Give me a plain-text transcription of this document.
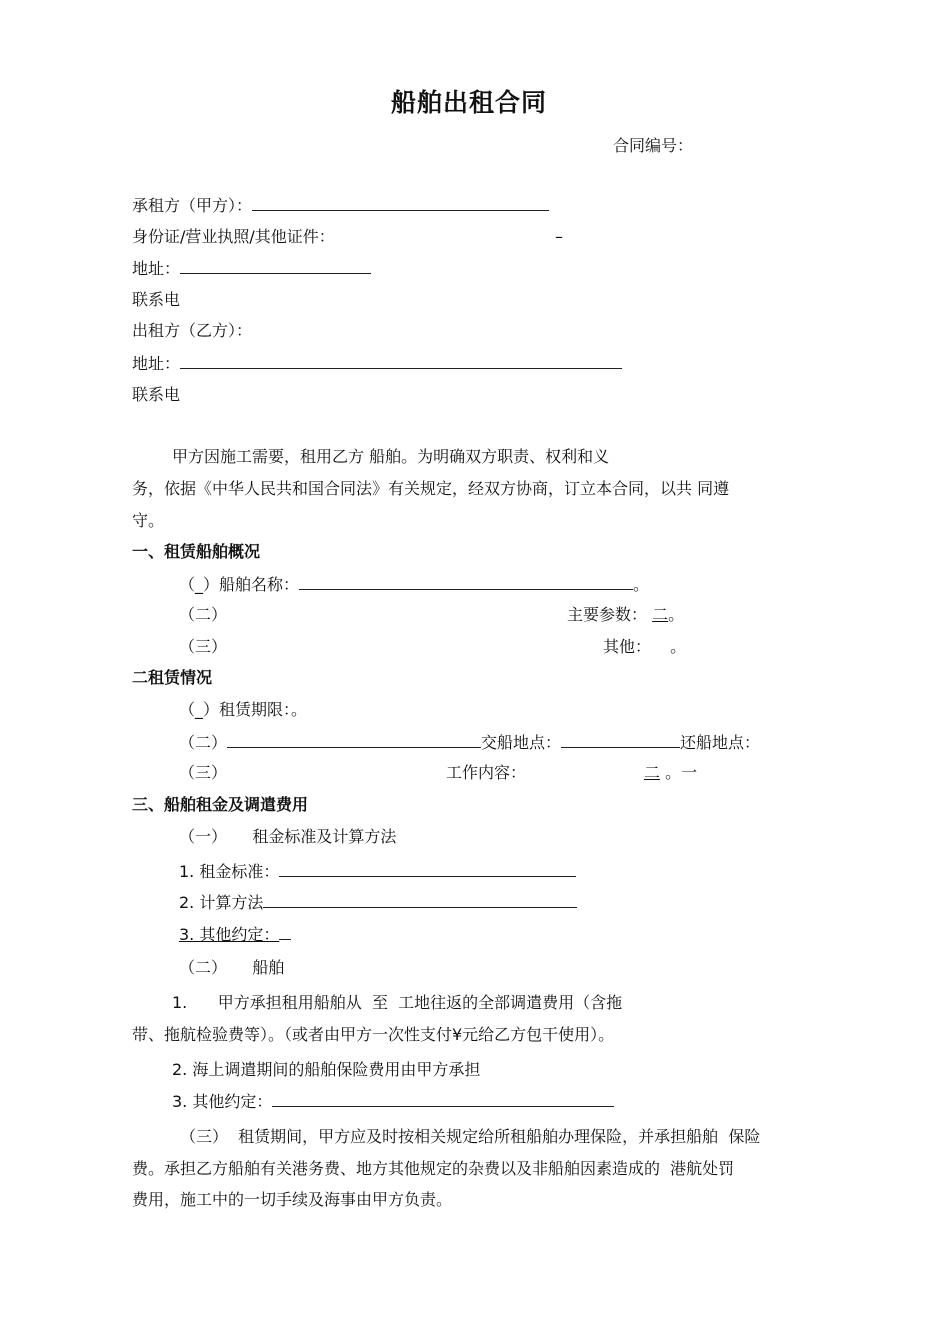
船舶出租合同
合同编号：
承租方（甲方）：
身份证/营业执照/其他证件：	–
地址：
联系电
出租方（乙方）：
地址：
联系电
甲方因施工需要，租用乙方 船舶。为明确双方职责、权利和义
务，依据《中华人民共和国合同法》有关规定，经双方协商，订立本合同，以共 同遵
守。
一、租赁船舶概况
（_）船舶名称：	。
（二）	主要参数： 二。
（三）	其他： 。
二租赁情况
（_）租赁期限：。
（二）	交船地点：	还船地点：
（三）	工作内容：	二 。一
三、船舶租金及调遣费用
（一）     租金标准及计算方法
1. 租金标准：
2. 计算方法
3. 其他约定：
（二）     船舶
1.      甲方承担租用船舶从  至  工地往返的全部调遣费用（含拖
带、拖航检验费等）。（或者由甲方一次性支付¥元给乙方包干使用）。
2. 海上调遣期间的船舶保险费用由甲方承担
3. 其他约定：
（三）  租赁期间，甲方应及时按相关规定给所租船舶办理保险，并承担船舶  保险
费。承担乙方船舶有关港务费、地方其他规定的杂费以及非船舶因素造成的  港航处罚
费用，施工中的一切手续及海事由甲方负责。
